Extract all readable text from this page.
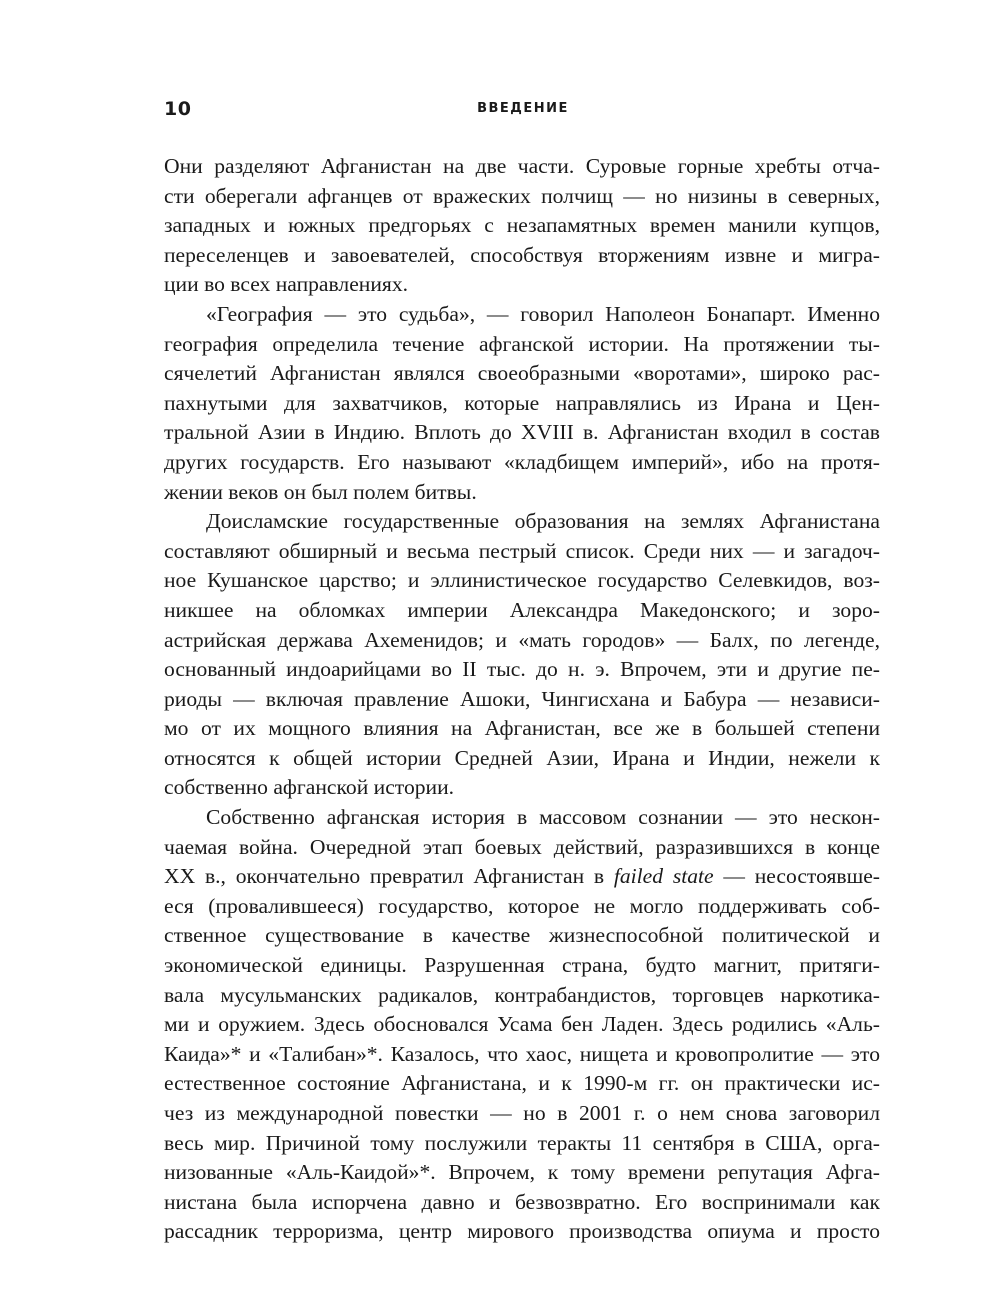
10	ВВЕДЕНИЕ
Они разделяют Афганистан на две части. Суровые горные хребты отча-
сти оберегали афганцев от вражеских полчищ — но низины в северных,
западных и южных предгорьях с незапамятных времен манили купцов,
переселенцев и завоевателей, способствуя вторжениям извне и мигра-
ции во всех направлениях.
«География — это судьба», — говорил Наполеон Бонапарт. Именно
география определила течение афганской истории. На протяжении ты-
сячелетий Афганистан являлся своеобразными «воротами», широко рас-
пахнутыми для захватчиков, которые направлялись из Ирана и Цен-
тральной Азии в Индию. Вплоть до XVIII в. Афганистан входил в состав
других государств. Его называют «кладбищем империй», ибо на протя-
жении веков он был полем битвы.
Доисламские государственные образования на землях Афганистана
составляют обширный и весьма пестрый список. Среди них — и загадоч-
ное Кушанское царство; и эллинистическое государство Селевкидов, воз-
никшее на обломках империи Александра Македонского; и зоро-
астрийская держава Ахеменидов; и «мать городов» — Балх, по легенде,
основанный индоарийцами во II тыс. до н. э. Впрочем, эти и другие пе-
риоды — включая правление Ашоки, Чингисхана и Бабура — независи-
мо от их мощного влияния на Афганистан, все же в большей степени
относятся к общей истории Средней Азии, Ирана и Индии, нежели к
собственно афганской истории.
Собственно афганская история в массовом сознании — это нескон-
чаемая война. Очередной этап боевых действий, разразившихся в конце
XX в., окончательно превратил Афганистан в failed state — несостоявше-
еся (провалившееся) государство, которое не могло поддерживать соб-
ственное существование в качестве жизнеспособной политической и
экономической единицы. Разрушенная страна, будто магнит, притяги-
вала мусульманских радикалов, контрабандистов, торговцев наркотика-
ми и оружием. Здесь обосновался Усама бен Ладен. Здесь родились «Аль-
Каида»* и «Талибан»*. Казалось, что хаос, нищета и кровопролитие — это
естественное состояние Афганистана, и к 1990-м гг. он практически ис-
чез из международной повестки — но в 2001 г. о нем снова заговорил
весь мир. Причиной тому послужили теракты 11 сентября в США, орга-
низованные «Аль-Каидой»*. Впрочем, к тому времени репутация Афга-
нистана была испорчена давно и безвозвратно. Его воспринимали как
рассадник терроризма, центр мирового производства опиума и просто
